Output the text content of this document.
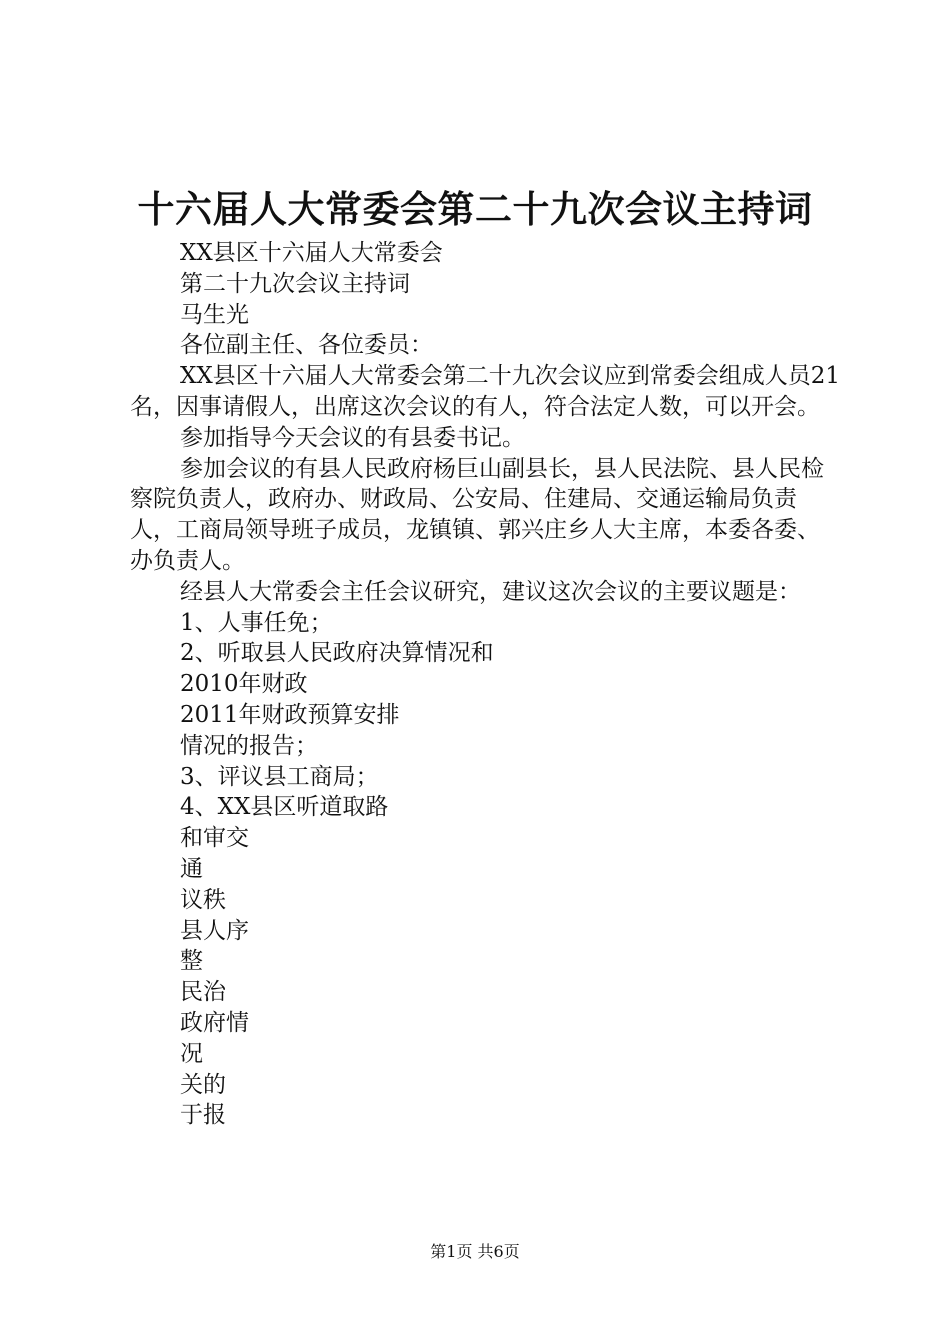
十六届人大常委会第二十九次会议主持词

XX县区十六届人大常委会

第二十九次会议主持词

马生光

各位副主任、各位委员：

XX县区十六届人大常委会第二十九次会议应到常委会组成人员21名，因事请假人，出席这次会议的有人，符合法定人数，可以开会。

参加指导今天会议的有县委书记。

参加会议的有县人民政府杨巨山副县长，县人民法院、县人民检察院负责人，政府办、财政局、公安局、住建局、交通运输局负责人，工商局领导班子成员，龙镇镇、郭兴庄乡人大主席，本委各委、办负责人。

经县人大常委会主任会议研究，建议这次会议的主要议题是：

1、人事任免；

2、听取县人民政府决算情况和

2010年财政

2011年财政预算安排

情况的报告；

3、评议县工商局；

4、XX县区听道取路

和审交

通

议秩

县人序

整

民治

政府情

况

关的

于报

第1页 共6页
